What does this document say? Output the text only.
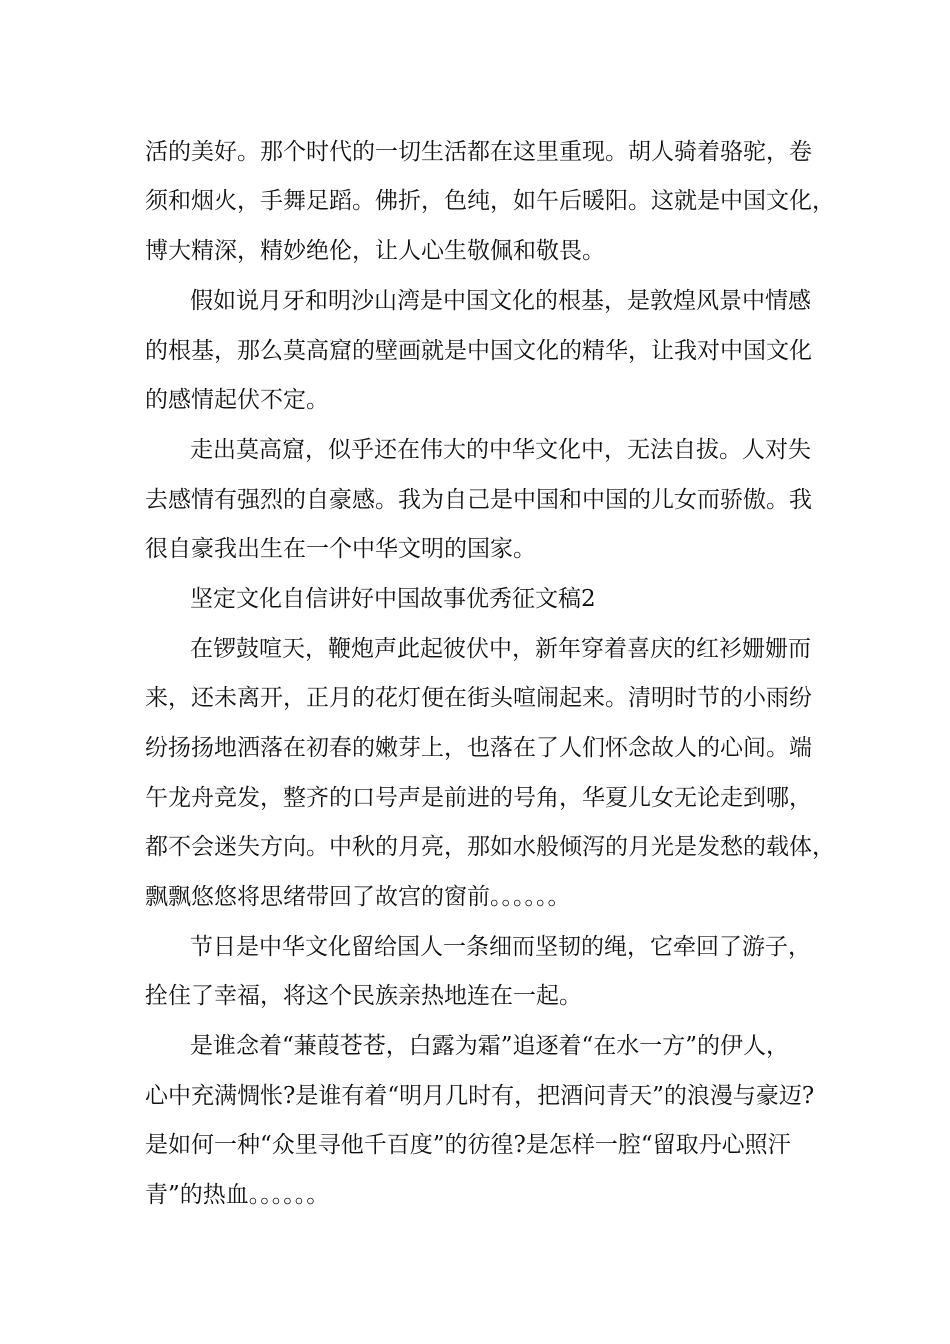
活的美好。那个时代的一切生活都在这里重现。胡人骑着骆驼，卷

须和烟火，手舞足蹈。佛折，色纯，如午后暖阳。这就是中国文化，

博大精深，精妙绝伦，让人心生敬佩和敬畏。

假如说月牙和明沙山湾是中国文化的根基，是敦煌风景中情感

的根基，那么莫高窟的壁画就是中国文化的精华，让我对中国文化

的感情起伏不定。

走出莫高窟，似乎还在伟大的中华文化中，无法自拔。人对失

去感情有强烈的自豪感。我为自己是中国和中国的儿女而骄傲。我

很自豪我出生在一个中华文明的国家。

坚定文化自信讲好中国故事优秀征文稿2

在锣鼓喧天，鞭炮声此起彼伏中，新年穿着喜庆的红衫姗姗而

来，还未离开，正月的花灯便在街头喧闹起来。清明时节的小雨纷

纷扬扬地洒落在初春的嫩芽上，也落在了人们怀念故人的心间。端

午龙舟竞发，整齐的口号声是前进的号角，华夏儿女无论走到哪，

都不会迷失方向。中秋的月亮，那如水般倾泻的月光是发愁的载体，

飘飘悠悠将思绪带回了故宫的窗前。。。。。。

节日是中华文化留给国人一条细而坚韧的绳，它牵回了游子，

拴住了幸福，将这个民族亲热地连在一起。

是谁念着“蒹葭苍苍，白露为霜”追逐着“在水一方”的伊人，

心中充满惆怅?是谁有着“明月几时有，把酒问青天”的浪漫与豪迈?

是如何一种“众里寻他千百度”的彷徨?是怎样一腔“留取丹心照汗

青”的热血。。。。。。
